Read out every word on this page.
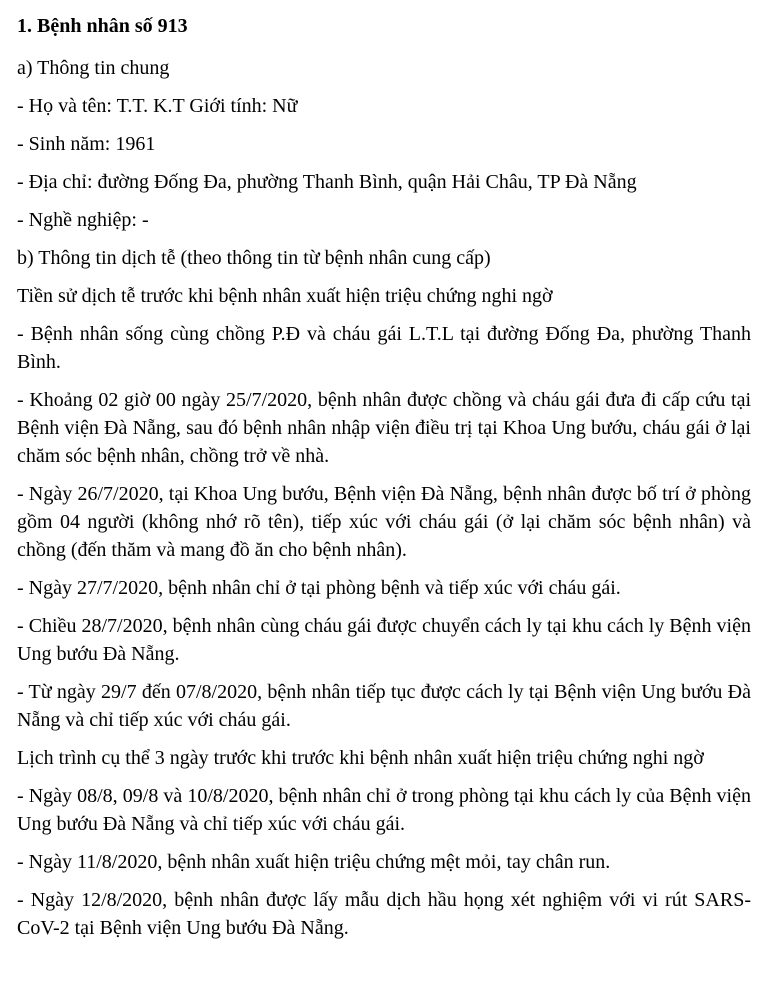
1. Bệnh nhân số 913

a) Thông tin chung

- Họ và tên: T.T. K.T Giới tính: Nữ

- Sinh năm: 1961

- Địa chỉ: đường Đống Đa, phường Thanh Bình, quận Hải Châu, TP Đà Nẵng

- Nghề nghiệp: -

b) Thông tin dịch tễ (theo thông tin từ bệnh nhân cung cấp)

Tiền sử dịch tễ trước khi bệnh nhân xuất hiện triệu chứng nghi ngờ

- Bệnh nhân sống cùng chồng P.Đ và cháu gái L.T.L tại đường Đống Đa, phường Thanh Bình.

- Khoảng 02 giờ 00 ngày 25/7/2020, bệnh nhân được chồng và cháu gái đưa đi cấp cứu tại Bệnh viện Đà Nẵng, sau đó bệnh nhân nhập viện điều trị tại Khoa Ung bướu, cháu gái ở lại chăm sóc bệnh nhân, chồng trở về nhà.

- Ngày 26/7/2020, tại Khoa Ung bướu, Bệnh viện Đà Nẵng, bệnh nhân được bố trí ở phòng gồm 04 người (không nhớ rõ tên), tiếp xúc với cháu gái (ở lại chăm sóc bệnh nhân) và chồng (đến thăm và mang đồ ăn cho bệnh nhân).

- Ngày 27/7/2020, bệnh nhân chỉ ở tại phòng bệnh và tiếp xúc với cháu gái.

- Chiều 28/7/2020, bệnh nhân cùng cháu gái được chuyển cách ly tại khu cách ly Bệnh viện Ung bướu Đà Nẵng.

- Từ ngày 29/7 đến 07/8/2020, bệnh nhân tiếp tục được cách ly tại Bệnh viện Ung bướu Đà Nẵng và chỉ tiếp xúc với cháu gái.

Lịch trình cụ thể 3 ngày trước khi trước khi bệnh nhân xuất hiện triệu chứng nghi ngờ

- Ngày 08/8, 09/8 và 10/8/2020, bệnh nhân chỉ ở trong phòng tại khu cách ly của Bệnh viện Ung bướu Đà Nẵng và chỉ tiếp xúc với cháu gái.

- Ngày 11/8/2020, bệnh nhân xuất hiện triệu chứng mệt mỏi, tay chân run.

- Ngày 12/8/2020, bệnh nhân được lấy mẫu dịch hầu họng xét nghiệm với vi rút SARS-CoV-2 tại Bệnh viện Ung bướu Đà Nẵng.
